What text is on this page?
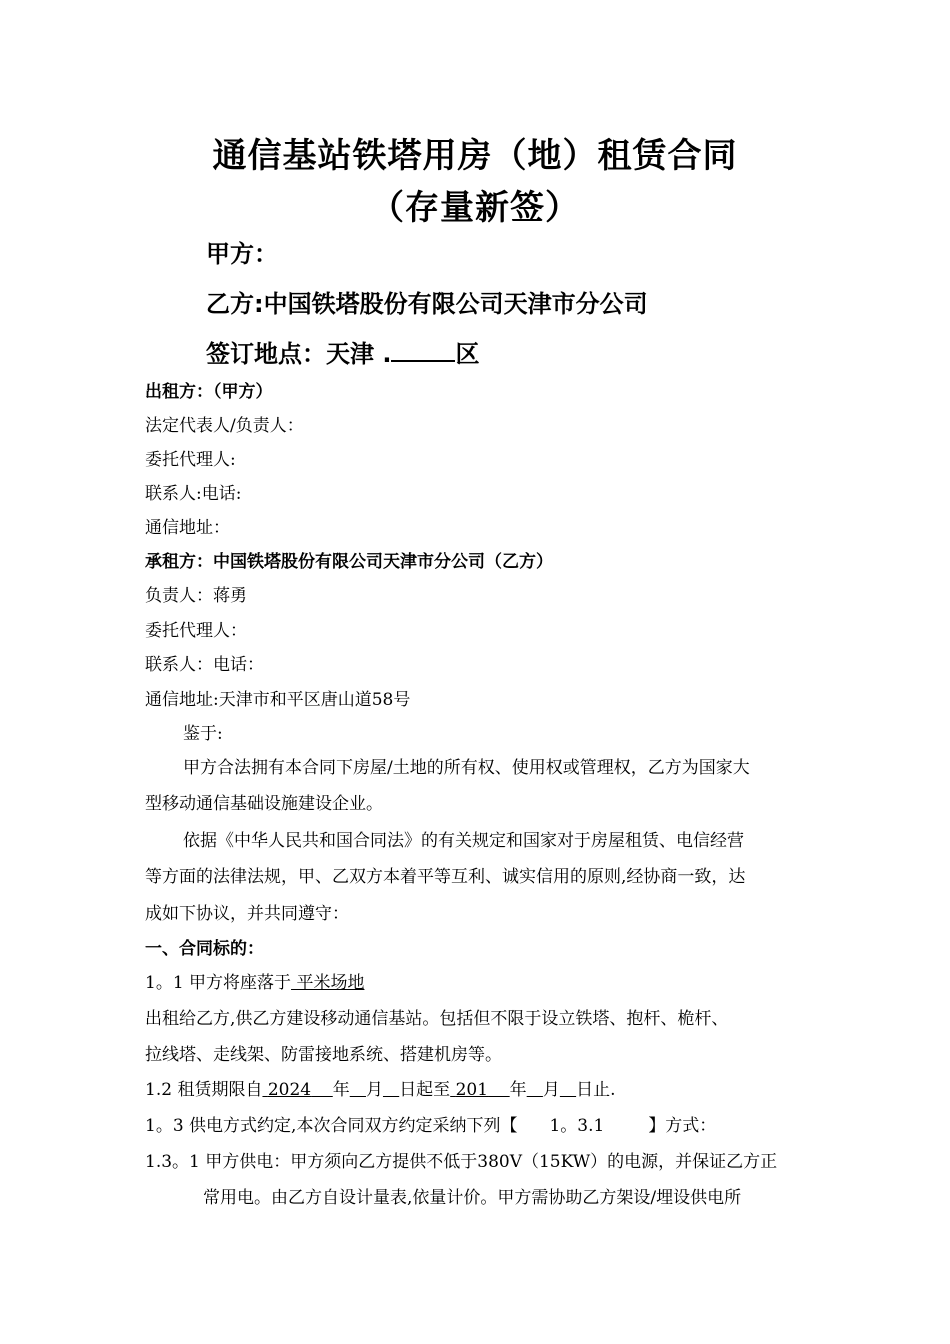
通信基站铁塔用房（地）租赁合同
（存量新签）
甲方：
乙方:中国铁塔股份有限公司天津市分公司
签订地点：天津 .	区
出租方：（甲方）
法定代表人/负责人：
委托代理人:
联系人:电话:
通信地址：
承租方：中国铁塔股份有限公司天津市分公司（乙方）
负责人：蒋勇
委托代理人：
联系人：电话：
通信地址:天津市和平区唐山道58号
鉴于:
甲方合法拥有本合同下房屋/土地的所有权、使用权或管理权，乙方为国家大
型移动通信基础设施建设企业。
依据《中华人民共和国合同法》的有关规定和国家对于房屋租赁、电信经营
等方面的法律法规，甲、乙双方本着平等互利、诚实信用的原则,经协商一致，达
成如下协议，并共同遵守：
一、合同标的：
1。1 甲方将座落于 平米场地
出租给乙方,供乙方建设移动通信基站。包括但不限于设立铁塔、抱杆、桅杆、
拉线塔、走线架、防雷接地系统、搭建机房等。
1.2 租赁期限自 2024 年 月 日起至 201 年 月 日止.
1。3 供电方式约定,本次合同双方约定采纳下列【 1。3.1	】方式：
1.3。1 甲方供电：甲方须向乙方提供不低于380V（15KW）的电源，并保证乙方正
常用电。由乙方自设计量表,依量计价。甲方需协助乙方架设/埋设供电所
